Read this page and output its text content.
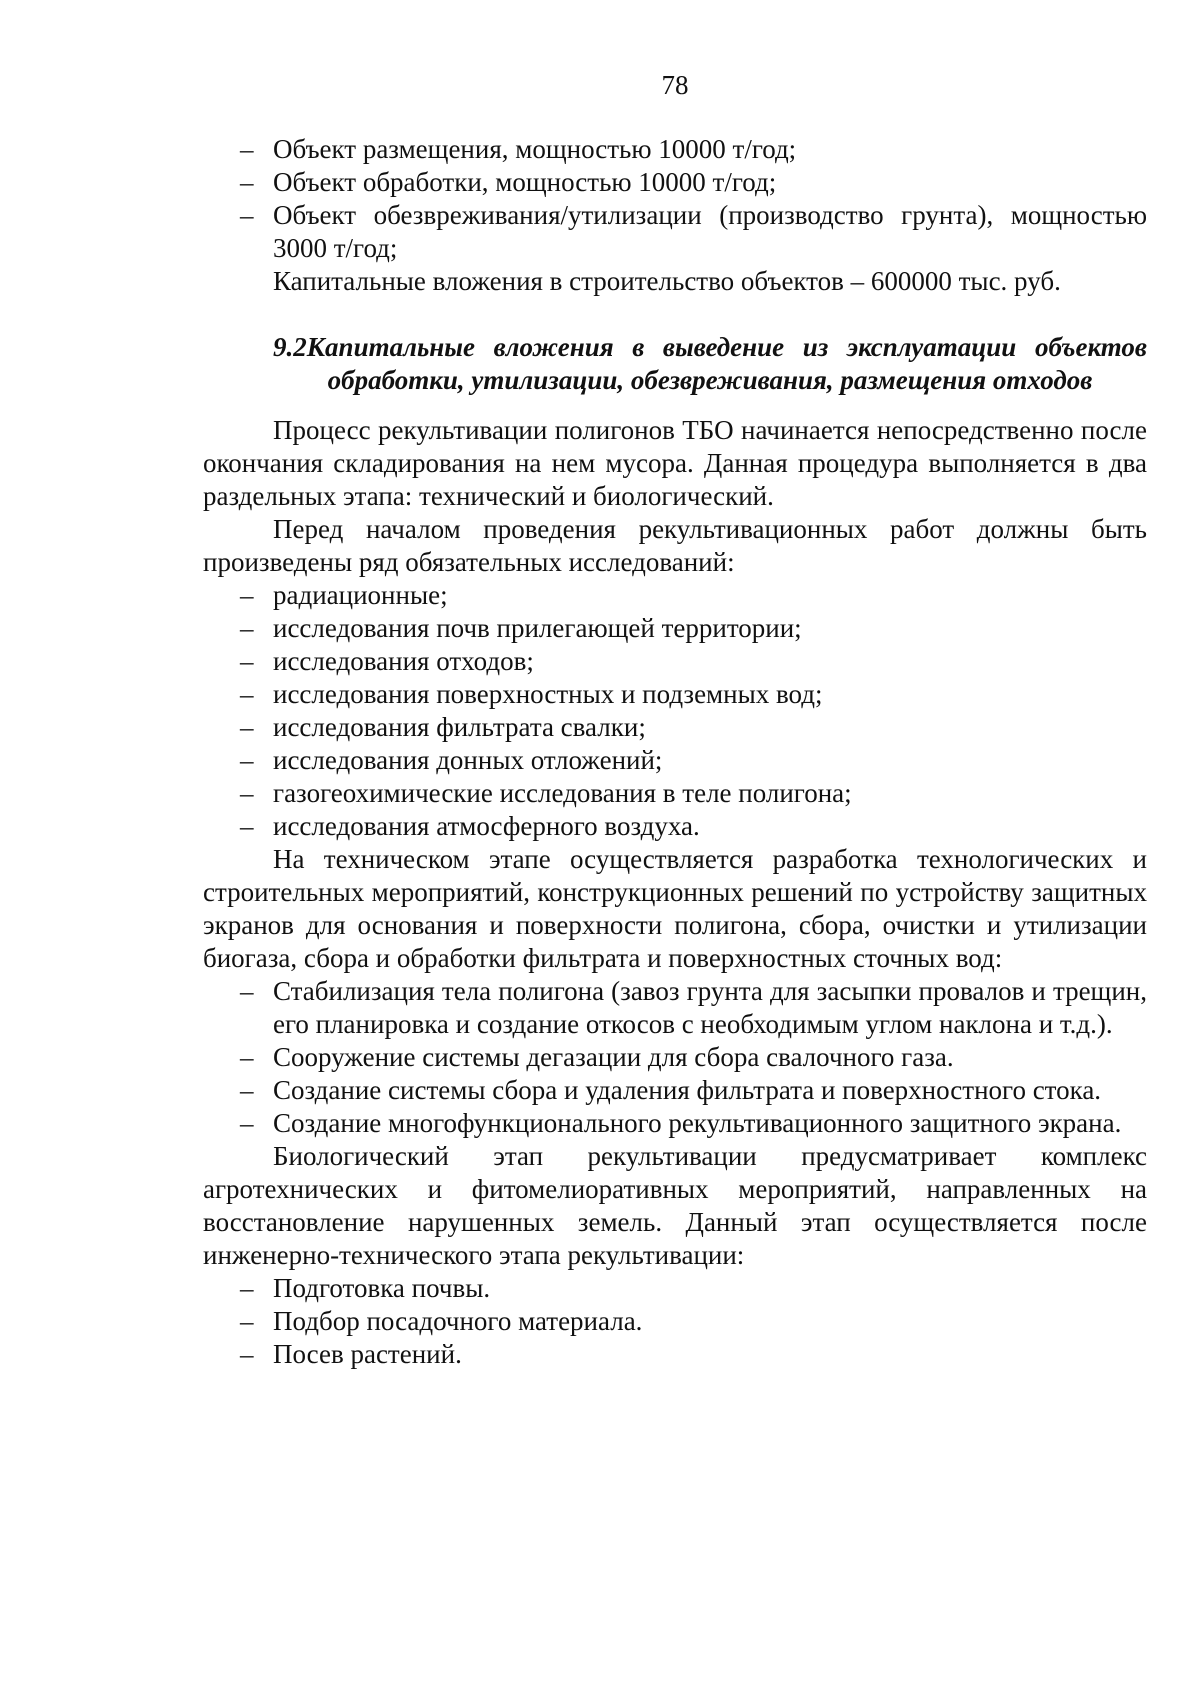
78
– Объект размещения, мощностью 10000 т/год;
– Объект обработки, мощностью 10000 т/год;
– Объект обезвреживания/утилизации (производство грунта), мощностью 3000 т/год;

Капитальные вложения в строительство объектов – 600000 тыс. руб.

9.2Капитальные вложения в выведение из эксплуатации объектов обработки, утилизации, обезвреживания, размещения отходов

Процесс рекультивации полигонов ТБО начинается непосредственно после окончания складирования на нем мусора. Данная процедура выполняется в два раздельных этапа: технический и биологический.

Перед началом проведения рекультивационных работ должны быть произведены ряд обязательных исследований:

– радиационные;
– исследования почв прилегающей территории;
– исследования отходов;
– исследования поверхностных и подземных вод;
– исследования фильтрата свалки;
– исследования донных отложений;
– газогеохимические исследования в теле полигона;
– исследования атмосферного воздуха.

На техническом этапе осуществляется разработка технологических и строительных мероприятий, конструкционных решений по устройству защитных экранов для основания и поверхности полигона, сбора, очистки и утилизации биогаза, сбора и обработки фильтрата и поверхностных сточных вод:

– Стабилизация тела полигона (завоз грунта для засыпки провалов и трещин, его планировка и создание откосов с необходимым углом наклона и т.д.).
– Сооружение системы дегазации для сбора свалочного газа.
– Создание системы сбора и удаления фильтрата и поверхностного стока.
– Создание многофункционального рекультивационного защитного экрана.

Биологический этап рекультивации предусматривает комплекс агротехнических и фитомелиоративных мероприятий, направленных на восстановление нарушенных земель. Данный этап осуществляется после инженерно-технического этапа рекультивации:

– Подготовка почвы.
– Подбор посадочного материала.
– Посев растений.
